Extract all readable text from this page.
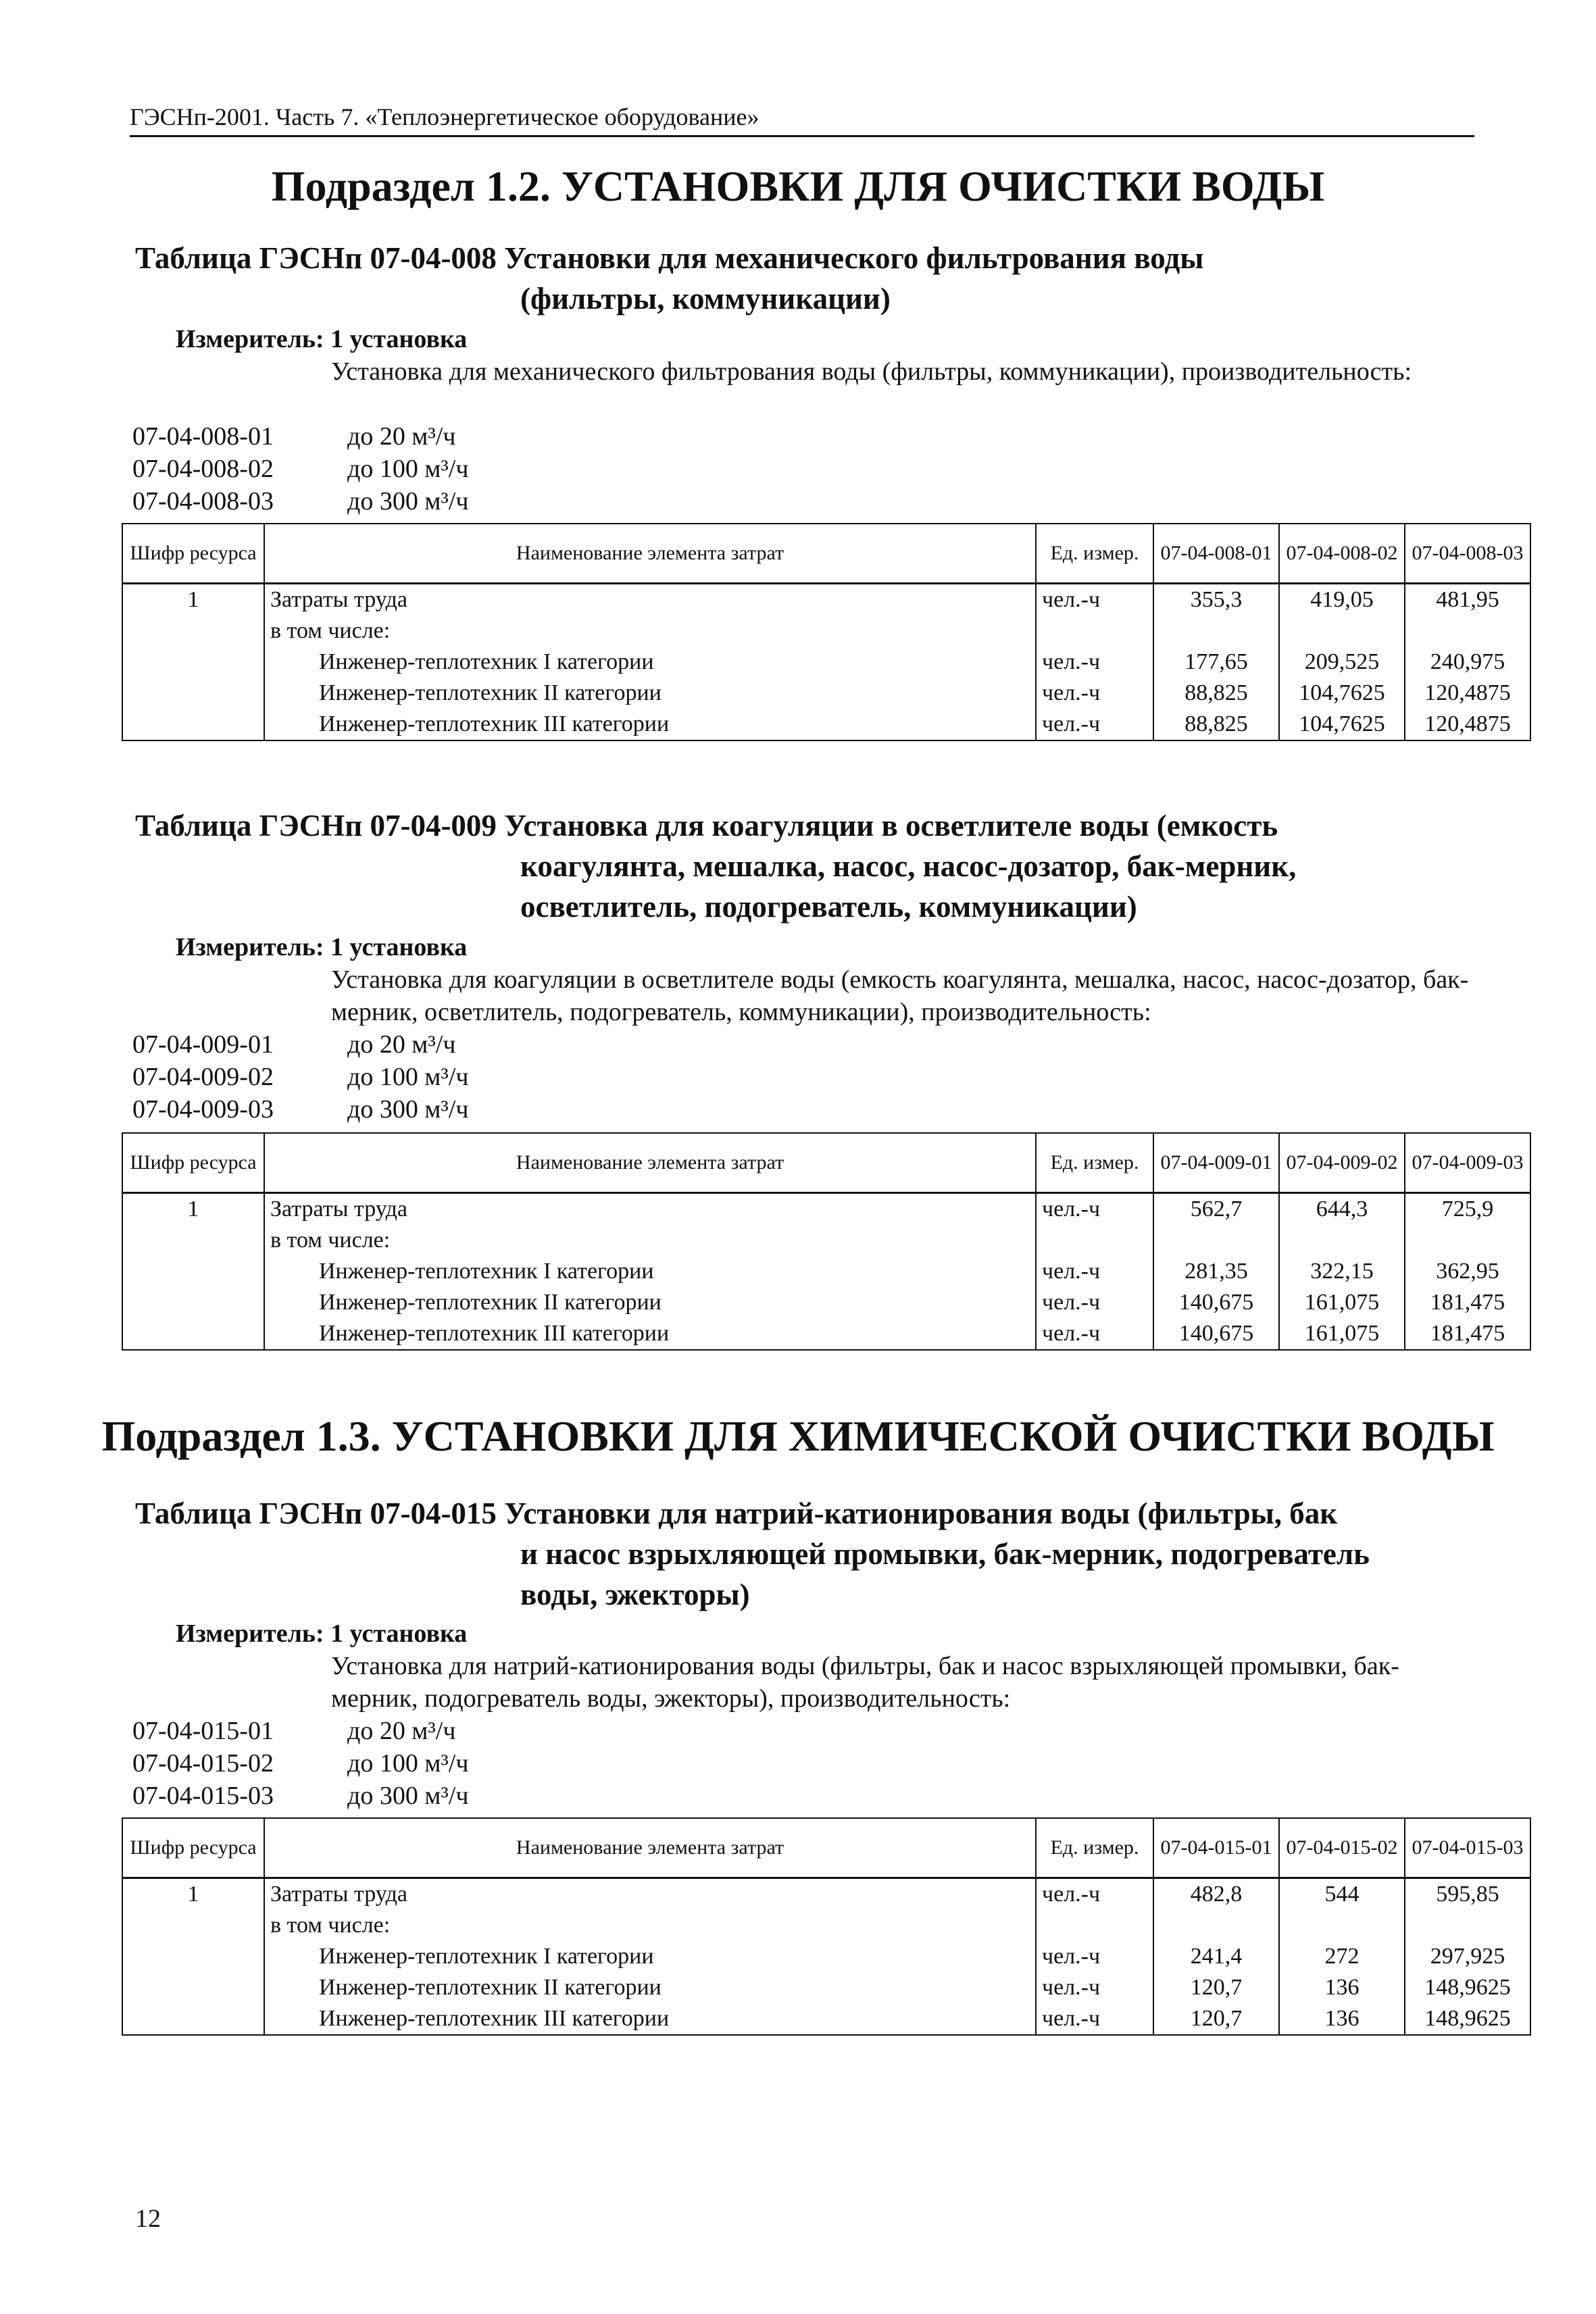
ГЭСНп-2001. Часть 7. «Теплоэнергетическое оборудование»
Подраздел 1.2. УСТАНОВКИ ДЛЯ ОЧИСТКИ ВОДЫ
Таблица ГЭСНп 07-04-008 Установки для механического фильтрования воды
(фильтры, коммуникации)
Измеритель: 1 установка
Установка для механического фильтрования воды (фильтры, коммуникации), производительность:
07-04-008-01	до 20 м³/ч
07-04-008-02	до 100 м³/ч
07-04-008-03	до 300 м³/ч
Шифр ресурса	Наименование элемента затрат	Ед. измер.	07-04-008-01	07-04-008-02	07-04-008-03
1	Затраты труда	чел.-ч	355,3	419,05	481,95
	в том числе:				
	Инженер-теплотехник I категории	чел.-ч	177,65	209,525	240,975
	Инженер-теплотехник II категории	чел.-ч	88,825	104,7625	120,4875
	Инженер-теплотехник III категории	чел.-ч	88,825	104,7625	120,4875
Таблица ГЭСНп 07-04-009 Установка для коагуляции в осветлителе воды (емкость
коагулянта, мешалка, насос, насос-дозатор, бак-мерник,
осветлитель, подогреватель, коммуникации)
Измеритель: 1 установка
Установка для коагуляции в осветлителе воды (емкость коагулянта, мешалка, насос, насос-дозатор, бак-мерник, осветлитель, подогреватель, коммуникации), производительность:
07-04-009-01	до 20 м³/ч
07-04-009-02	до 100 м³/ч
07-04-009-03	до 300 м³/ч
Шифр ресурса	Наименование элемента затрат	Ед. измер.	07-04-009-01	07-04-009-02	07-04-009-03
1	Затраты труда	чел.-ч	562,7	644,3	725,9
	в том числе:				
	Инженер-теплотехник I категории	чел.-ч	281,35	322,15	362,95
	Инженер-теплотехник II категории	чел.-ч	140,675	161,075	181,475
	Инженер-теплотехник III категории	чел.-ч	140,675	161,075	181,475
Подраздел 1.3. УСТАНОВКИ ДЛЯ ХИМИЧЕСКОЙ ОЧИСТКИ ВОДЫ
Таблица ГЭСНп 07-04-015 Установки для натрий-катионирования воды (фильтры, бак
и насос взрыхляющей промывки, бак-мерник, подогреватель
воды, эжекторы)
Измеритель: 1 установка
Установка для натрий-катионирования воды (фильтры, бак и насос взрыхляющей промывки, бак-мерник, подогреватель воды, эжекторы), производительность:
07-04-015-01	до 20 м³/ч
07-04-015-02	до 100 м³/ч
07-04-015-03	до 300 м³/ч
Шифр ресурса	Наименование элемента затрат	Ед. измер.	07-04-015-01	07-04-015-02	07-04-015-03
1	Затраты труда	чел.-ч	482,8	544	595,85
	в том числе:				
	Инженер-теплотехник I категории	чел.-ч	241,4	272	297,925
	Инженер-теплотехник II категории	чел.-ч	120,7	136	148,9625
	Инженер-теплотехник III категории	чел.-ч	120,7	136	148,9625
12
